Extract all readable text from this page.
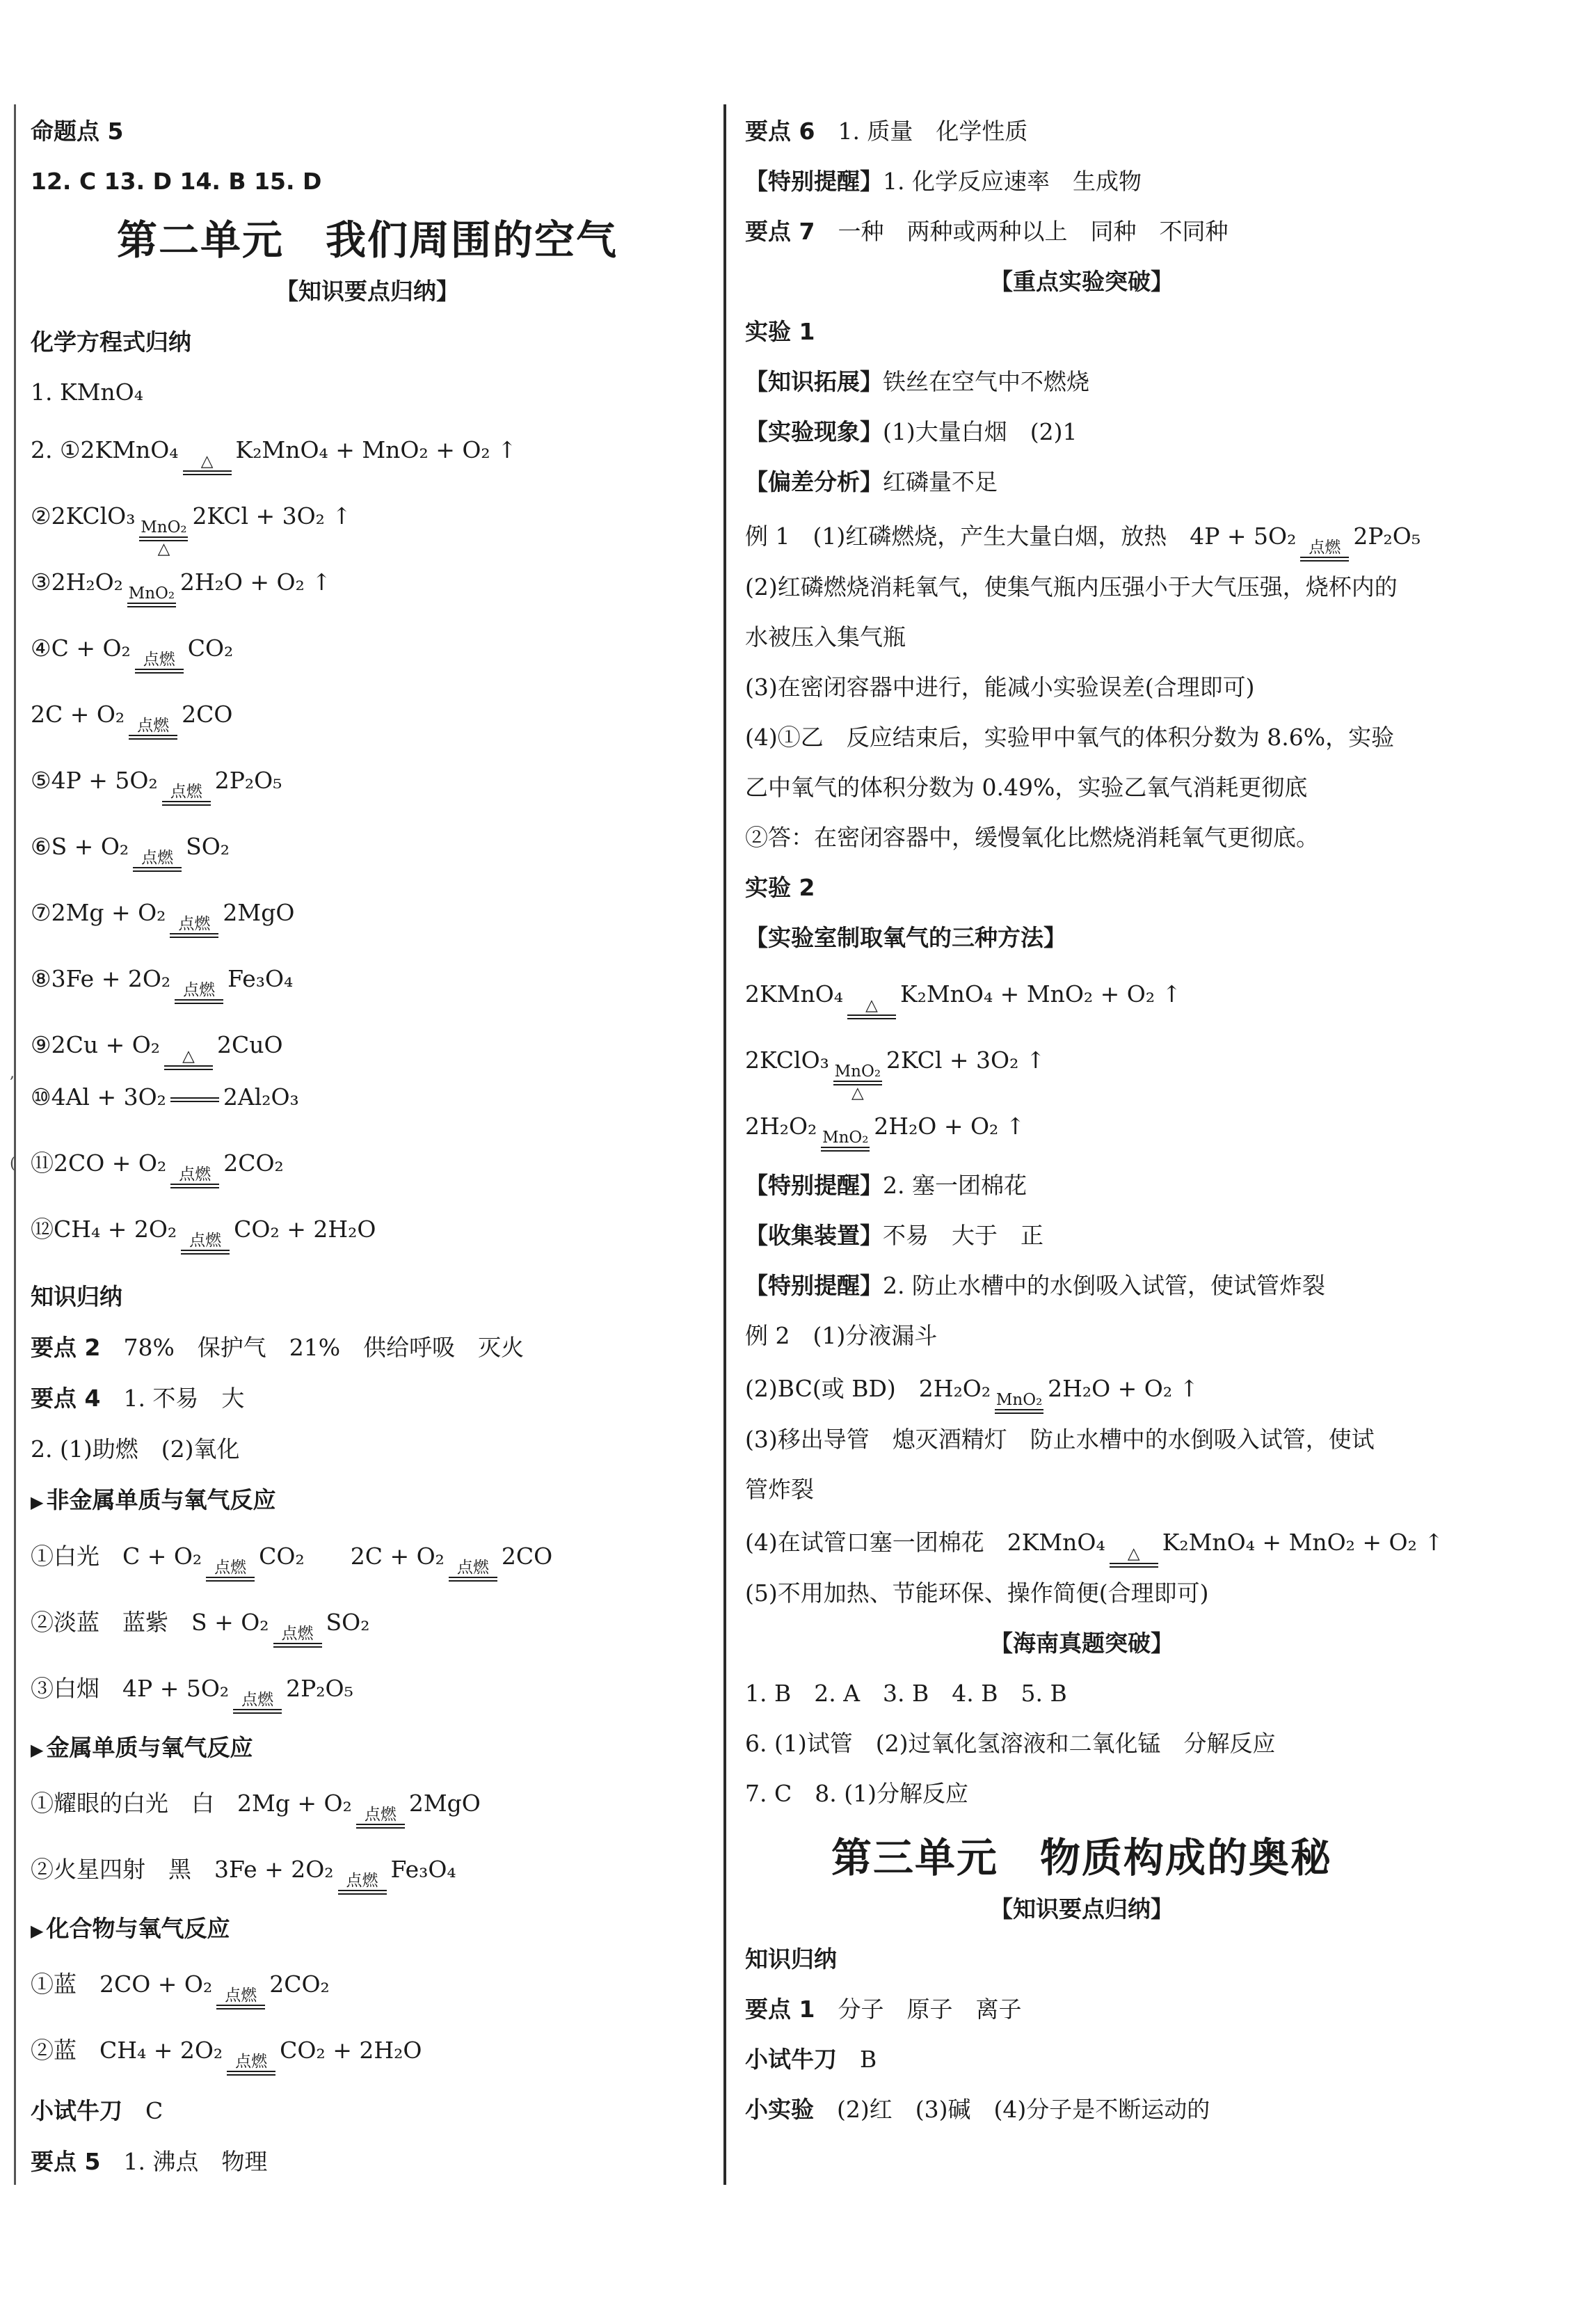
,
(
命题点 5
12. C 13. D 14. B 15. D
第二单元　我们周围的空气
【知识要点归纳】
化学方程式归纳
1. KMnO₄
2. ①2KMnO₄ △ K₂MnO₄ + MnO₂ + O₂ ↑
②2KClO₃ MnO₂
△
2KCl + 3O₂ ↑
③2H₂O₂ MnO₂ 2H₂O + O₂ ↑
④C + O₂ 点燃 CO₂
2C + O₂ 点燃 2CO
⑤4P + 5O₂ 点燃 2P₂O₅
⑥S + O₂ 点燃 SO₂
⑦2Mg + O₂ 点燃 2MgO
⑧3Fe + 2O₂ 点燃 Fe₃O₄
⑨2Cu + O₂ △ 2CuO
⑩4Al + 3O₂ 2Al₂O₃
⑪2CO + O₂ 点燃 2CO₂
⑫CH₄ + 2O₂ 点燃 CO₂ + 2H₂O
知识归纳
要点 2　 78%　保护气　21%　供给呼吸　灭火
要点 4　 1. 不易　大
2. (1)助燃　(2)氧化
▶ 非金属单质与氧气反应
①白光　C + O₂ 点燃 CO₂　　 2C + O₂ 点燃 2CO
②淡蓝　蓝紫　S + O₂ 点燃 SO₂
③白烟　4P + 5O₂ 点燃 2P₂O₅
▶ 金属单质与氧气反应
①耀眼的白光　白　2Mg + O₂ 点燃 2MgO
②火星四射　黑　3Fe + 2O₂ 点燃 Fe₃O₄
▶ 化合物与氧气反应
①蓝　2CO + O₂ 点燃 2CO₂
②蓝　CH₄ + 2O₂ 点燃 CO₂ + 2H₂O
小试牛刀　 C
要点 5　 1. 沸点　物理
要点 6　 1. 质量　化学性质
【特别提醒】1. 化学反应速率　生成物
要点 7　 一种　两种或两种以上　同种　不同种
【重点实验突破】
实验 1
【知识拓展】铁丝在空气中不燃烧
【实验现象】(1)大量白烟　(2)1
【偏差分析】红磷量不足
例 1　(1)红磷燃烧，产生大量白烟，放热　4P + 5O₂ 点燃 2P₂O₅
(2)红磷燃烧消耗氧气，使集气瓶内压强小于大气压强，烧杯内的
水被压入集气瓶
(3)在密闭容器中进行，能减小实验误差(合理即可)
(4)①乙　反应结束后，实验甲中氧气的体积分数为 8.6%，实验
乙中氧气的体积分数为 0.49%，实验乙氧气消耗更彻底
②答：在密闭容器中，缓慢氧化比燃烧消耗氧气更彻底。
实验 2
【实验室制取氧气的三种方法】
2KMnO₄ △ K₂MnO₄ + MnO₂ + O₂ ↑
2KClO₃ MnO₂
△
2KCl + 3O₂ ↑
2H₂O₂ MnO₂ 2H₂O + O₂ ↑
【特别提醒】2. 塞一团棉花
【收集装置】不易　大于　正
【特别提醒】2. 防止水槽中的水倒吸入试管，使试管炸裂
例 2　(1)分液漏斗
(2)BC(或 BD)　2H₂O₂ MnO₂ 2H₂O + O₂ ↑
(3)移出导管　熄灭酒精灯　防止水槽中的水倒吸入试管，使试
管炸裂
(4)在试管口塞一团棉花　2KMnO₄ △ K₂MnO₄ + MnO₂ + O₂ ↑
(5)不用加热、节能环保、操作简便(合理即可)
【海南真题突破】
1. B　2. A　3. B　4. B　5. B
6. (1)试管　(2)过氧化氢溶液和二氧化锰　分解反应
7. C　8. (1)分解反应
第三单元　物质构成的奥秘
【知识要点归纳】
知识归纳
要点 1　 分子　原子　离子
小试牛刀　 B
小实验　 (2)红　(3)碱　(4)分子是不断运动的
